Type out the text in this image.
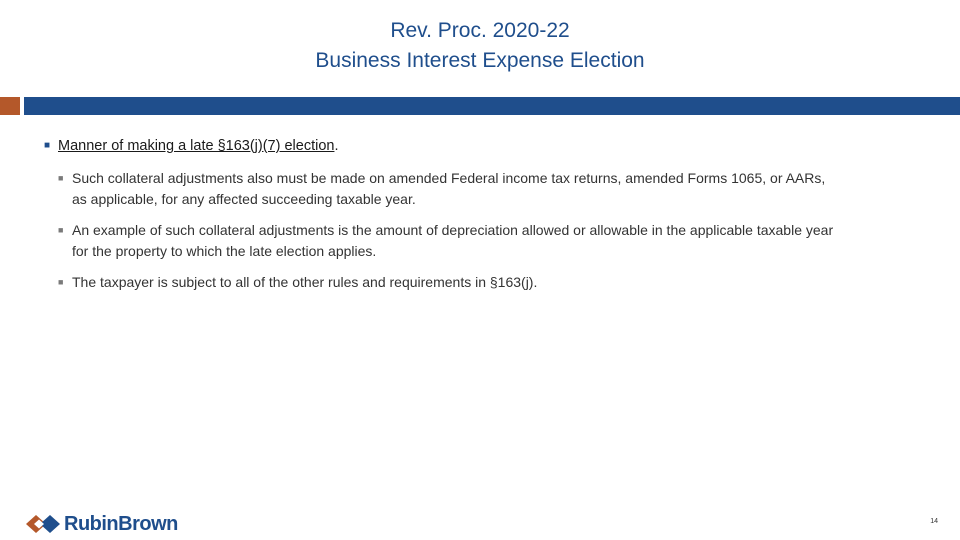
Rev. Proc. 2020-22
Business Interest Expense Election
■ Manner of making a late §163(j)(7) election.
■ Such collateral adjustments also must be made on amended Federal income tax returns, amended Forms 1065, or AARs, as applicable, for any affected succeeding taxable year.
■ An example of such collateral adjustments is the amount of depreciation allowed or allowable in the applicable taxable year for the property to which the late election applies.
■ The taxpayer is subject to all of the other rules and requirements in §163(j).
RubinBrown	14
